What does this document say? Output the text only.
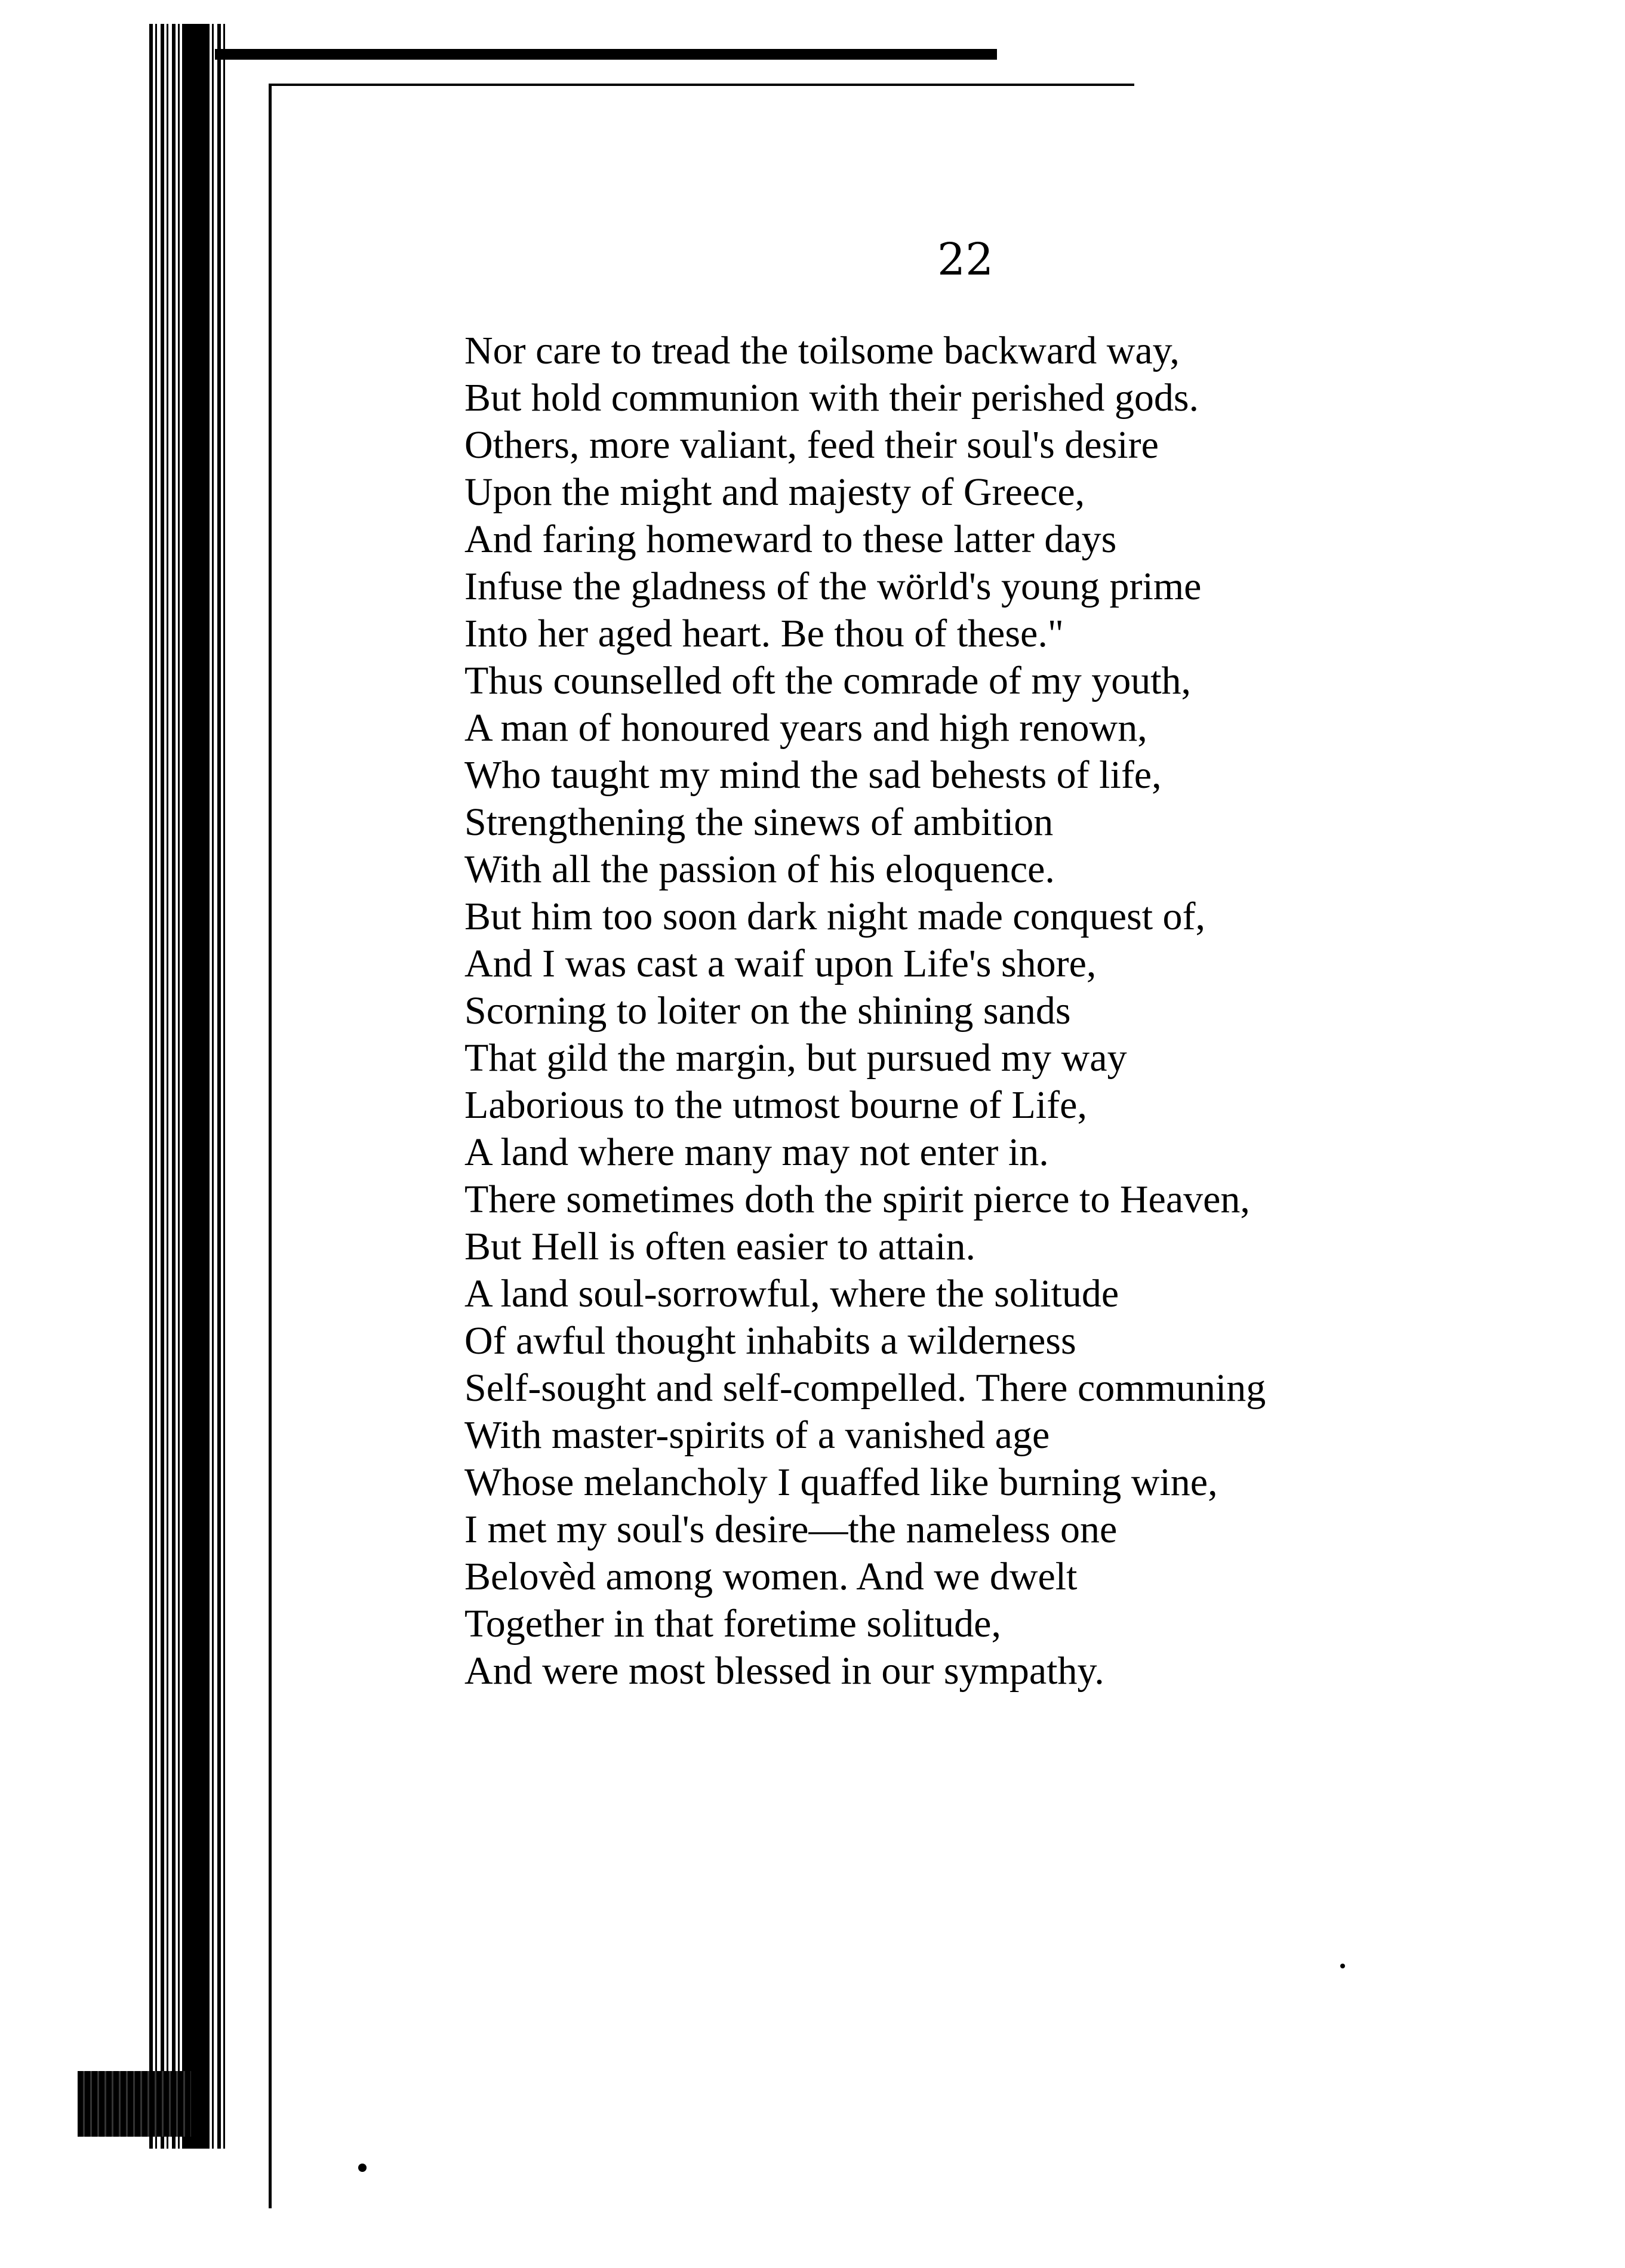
22
Nor care to tread the toilsome backward way,
But hold communion with their perished gods.
Others, more valiant, feed their soul's desire
Upon the might and majesty of Greece,
And faring homeward to these latter days
Infuse the gladness of the wörld's young prime
Into her aged heart. Be thou of these."
Thus counselled oft the comrade of my youth,
A man of honoured years and high renown,
Who taught my mind the sad behests of life,
Strengthening the sinews of ambition
With all the passion of his eloquence.
But him too soon dark night made conquest of,
And I was cast a waif upon Life's shore,
Scorning to loiter on the shining sands
That gild the margin, but pursued my way
Laborious to the utmost bourne of Life,
A land where many may not enter in.
There sometimes doth the spirit pierce to Heaven,
But Hell is often easier to attain.
A land soul-sorrowful, where the solitude
Of awful thought inhabits a wilderness
Self-sought and self-compelled. There communing
With master-spirits of a vanished age
Whose melancholy I quaffed like burning wine,
I met my soul's desire—the nameless one
Belovèd among women. And we dwelt
Together in that foretime solitude,
And were most blessed in our sympathy.
